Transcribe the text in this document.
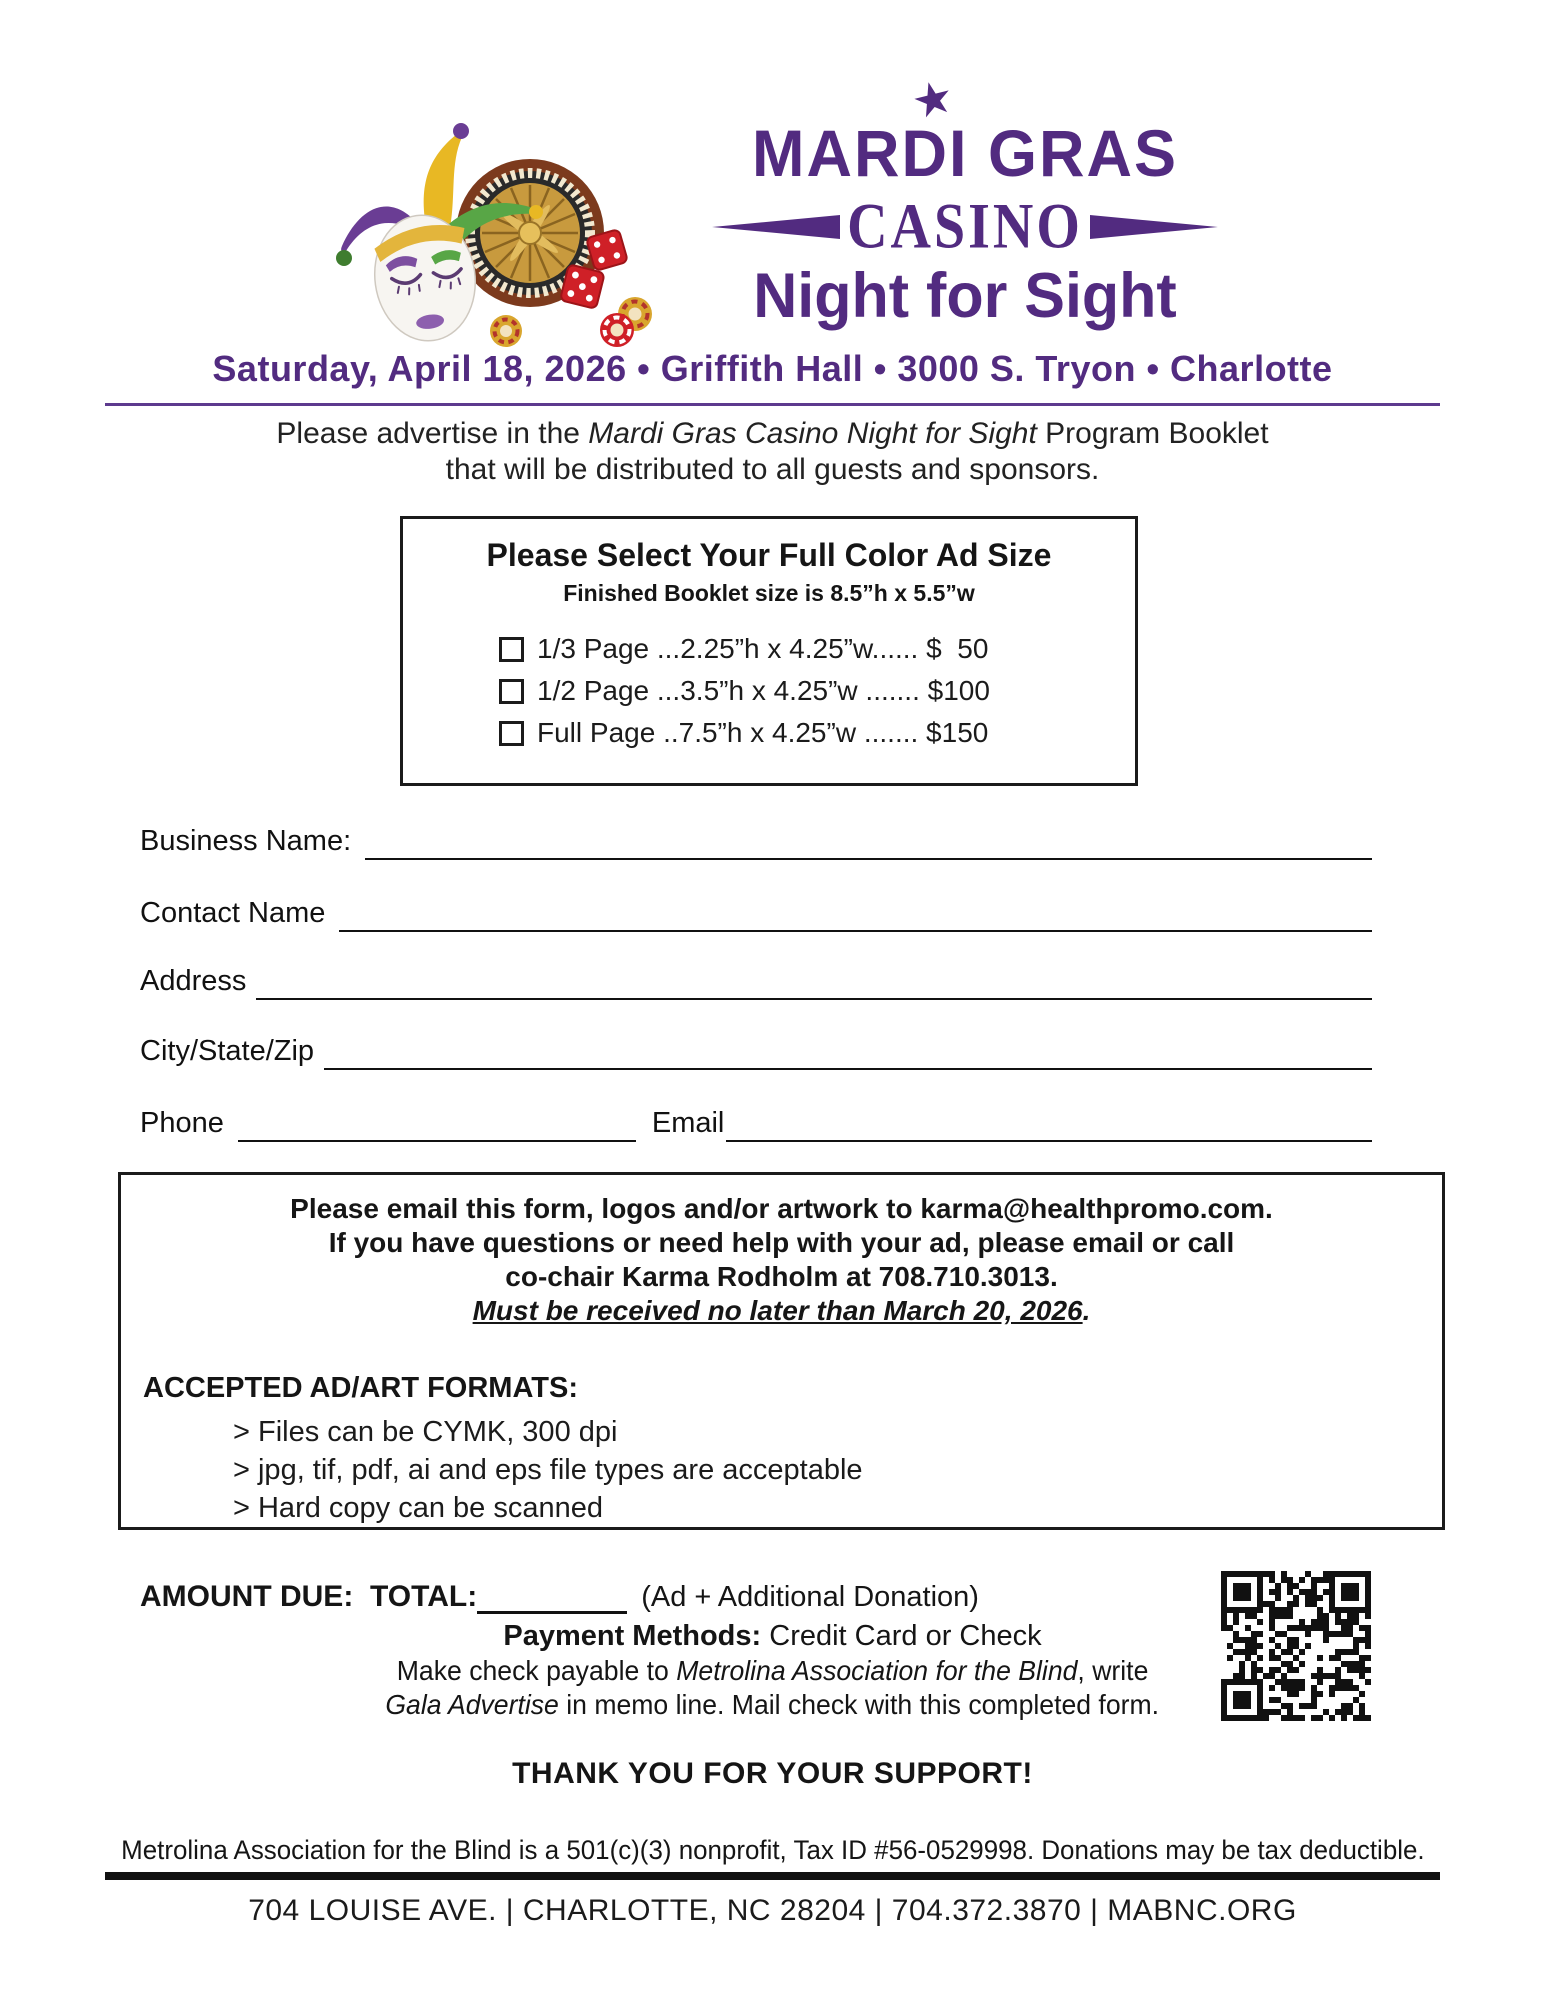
★
MARDI GRAS
CASINO
Night for Sight
Saturday, April 18, 2026 • Griffith Hall • 3000 S. Tryon • Charlotte
Please advertise in the Mardi Gras Casino Night for Sight Program Booklet
that will be distributed to all guests and sponsors.
Please Select Your Full Color Ad Size
Finished Booklet size is 8.5”h x 5.5”w
1/3 Page ...2.25”h x 4.25”w...... $  50
1/2 Page ...3.5”h x 4.25”w ....... $100
Full Page ..7.5”h x 4.25”w ....... $150
Business Name:
Contact Name
Address
City/State/Zip
Phone	Email
Please email this form, logos and/or artwork to karma@healthpromo.com.
If you have questions or need help with your ad, please email or call
co-chair Karma Rodholm at 708.710.3013.
Must be received no later than March 20, 2026.
ACCEPTED AD/ART FORMATS:
> Files can be CYMK, 300 dpi
> jpg, tif, pdf, ai and eps file types are acceptable
> Hard copy can be scanned
AMOUNT DUE:  TOTAL:	(Ad + Additional Donation)
Payment Methods: Credit Card or Check
Make check payable to Metrolina Association for the Blind, write
Gala Advertise in memo line. Mail check with this completed form.
THANK YOU FOR YOUR SUPPORT!
Metrolina Association for the Blind is a 501(c)(3) nonprofit, Tax ID #56-0529998. Donations may be tax deductible.
704 LOUISE AVE. | CHARLOTTE, NC 28204 | 704.372.3870 | MABNC.ORG
